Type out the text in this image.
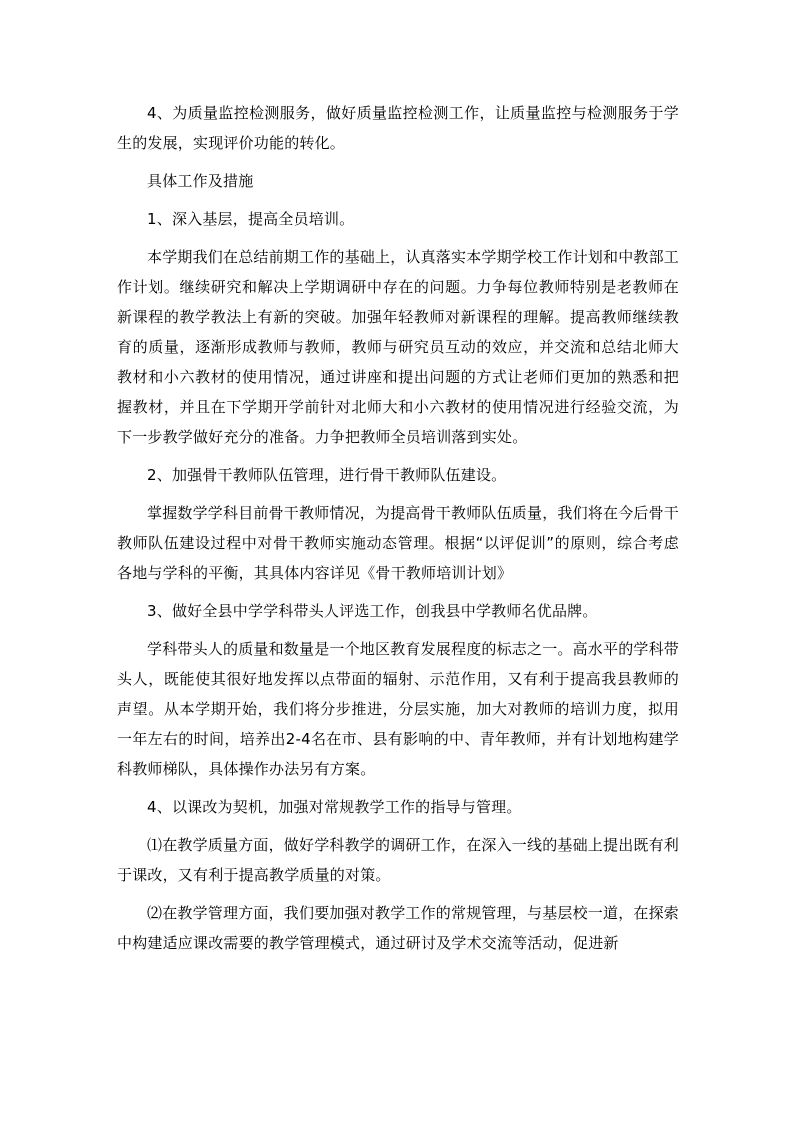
4、为质量监控检测服务，做好质量监控检测工作，让质量监控与检测服务于学生的发展，实现评价功能的转化。

具体工作及措施

1、深入基层，提高全员培训。

本学期我们在总结前期工作的基础上，认真落实本学期学校工作计划和中教部工作计划。继续研究和解决上学期调研中存在的问题。力争每位教师特别是老教师在新课程的教学教法上有新的突破。加强年轻教师对新课程的理解。提高教师继续教育的质量，逐渐形成教师与教师，教师与研究员互动的效应，并交流和总结北师大教材和小六教材的使用情况，通过讲座和提出问题的方式让老师们更加的熟悉和把握教材，并且在下学期开学前针对北师大和小六教材的使用情况进行经验交流，为下一步教学做好充分的准备。力争把教师全员培训落到实处。

2、加强骨干教师队伍管理，进行骨干教师队伍建设。

掌握数学学科目前骨干教师情况，为提高骨干教师队伍质量，我们将在今后骨干教师队伍建设过程中对骨干教师实施动态管理。根据“以评促训”的原则，综合考虑各地与学科的平衡，其具体内容详见《骨干教师培训计划》

3、做好全县中学学科带头人评选工作，创我县中学教师名优品牌。

学科带头人的质量和数量是一个地区教育发展程度的标志之一。高水平的学科带头人，既能使其很好地发挥以点带面的辐射、示范作用，又有利于提高我县教师的声望。从本学期开始，我们将分步推进，分层实施，加大对教师的培训力度，拟用一年左右的时间，培养出2-4名在市、县有影响的中、青年教师，并有计划地构建学科教师梯队，具体操作办法另有方案。

4、以课改为契机，加强对常规教学工作的指导与管理。

⑴在教学质量方面，做好学科教学的调研工作，在深入一线的基础上提出既有利于课改，又有利于提高教学质量的对策。

⑵在教学管理方面，我们要加强对教学工作的常规管理，与基层校一道，在探索中构建适应课改需要的教学管理模式，通过研讨及学术交流等活动，促进新
